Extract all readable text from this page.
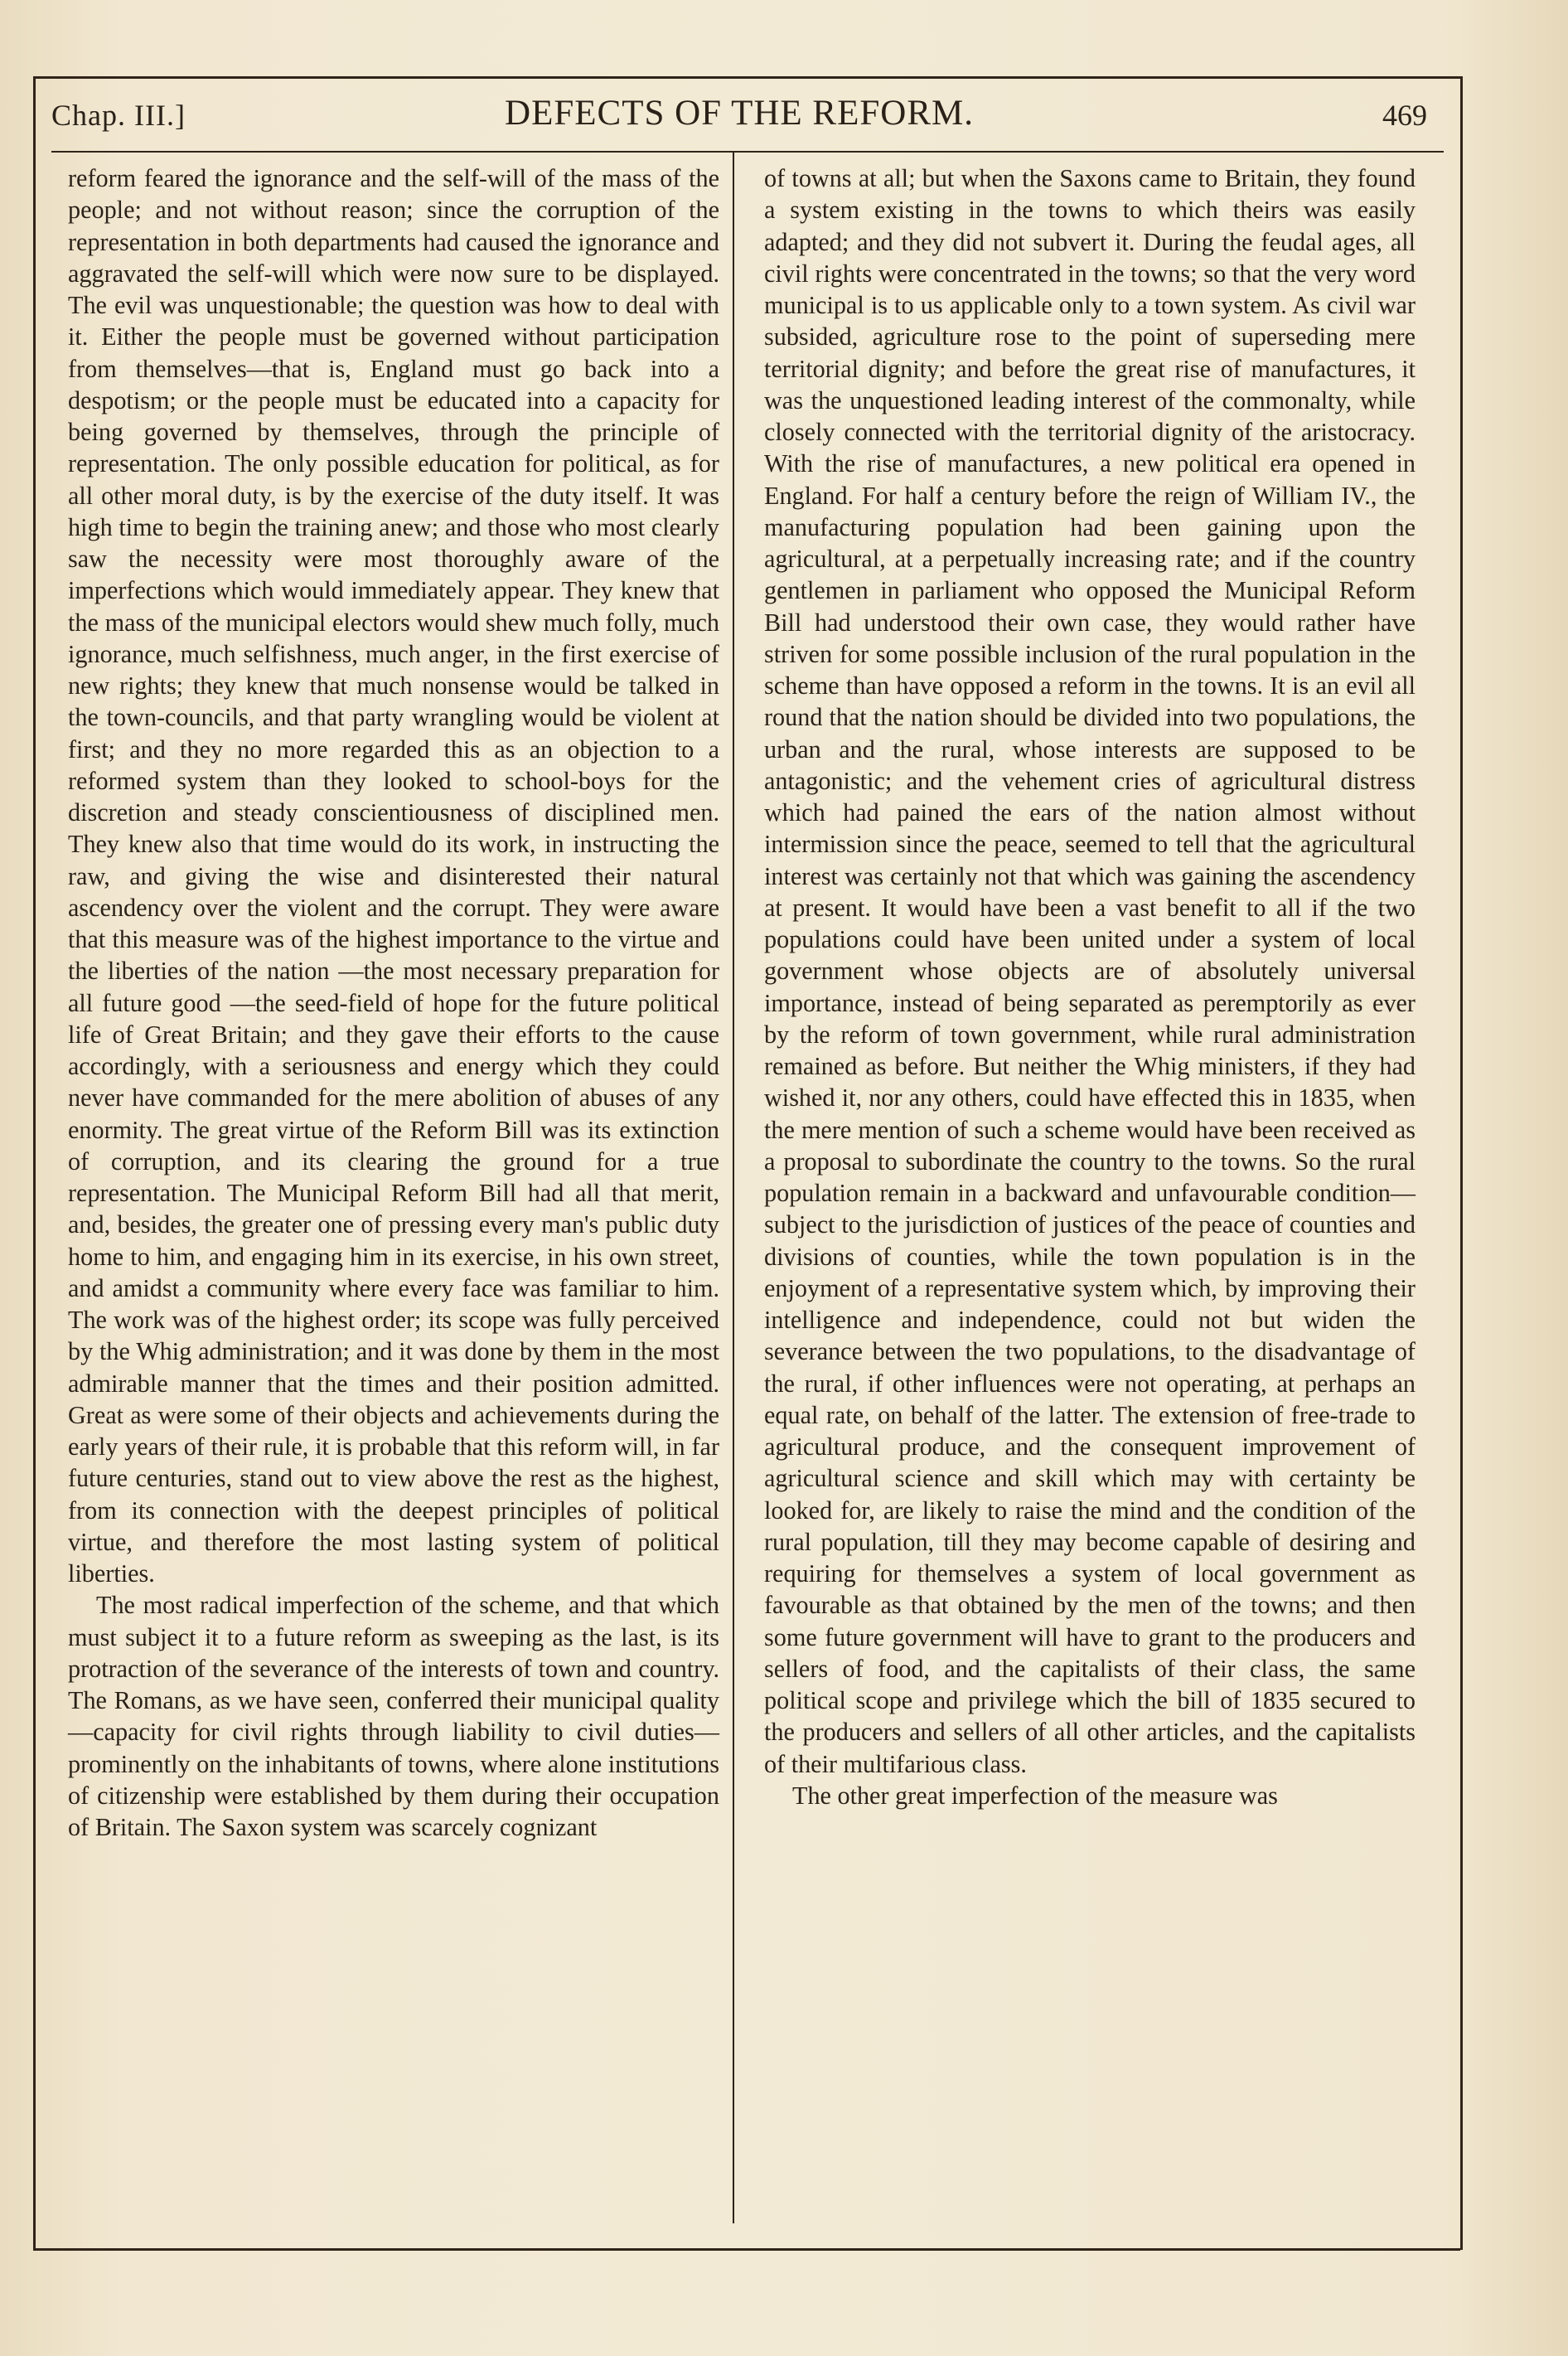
Chap. III.]	DEFECTS OF THE REFORM.	469

reform feared the ignorance and the self-will of the mass of the people; and not without reason; since the corruption of the representation in both departments had caused the ignorance and aggravated the self-will which were now sure to be displayed. The evil was unquestionable; the question was how to deal with it. Either the people must be governed without participation from themselves—that is, England must go back into a despotism; or the people must be educated into a capacity for being governed by themselves, through the principle of representation. The only possible education for political, as for all other moral duty, is by the exercise of the duty itself. It was high time to begin the training anew; and those who most clearly saw the necessity were most thoroughly aware of the imperfections which would immediately appear. They knew that the mass of the municipal electors would shew much folly, much ignorance, much selfishness, much anger, in the first exercise of new rights; they knew that much nonsense would be talked in the town-councils, and that party wrangling would be violent at first; and they no more regarded this as an objection to a reformed system than they looked to school-boys for the discretion and steady conscientiousness of disciplined men. They knew also that time would do its work, in instructing the raw, and giving the wise and disinterested their natural ascendency over the violent and the corrupt. They were aware that this measure was of the highest importance to the virtue and the liberties of the nation —the most necessary preparation for all future good —the seed-field of hope for the future political life of Great Britain; and they gave their efforts to the cause accordingly, with a seriousness and energy which they could never have commanded for the mere abolition of abuses of any enormity. The great virtue of the Reform Bill was its extinction of corruption, and its clearing the ground for a true representation. The Municipal Reform Bill had all that merit, and, besides, the greater one of pressing every man's public duty home to him, and engaging him in its exercise, in his own street, and amidst a community where every face was familiar to him. The work was of the highest order; its scope was fully perceived by the Whig administration; and it was done by them in the most admirable manner that the times and their position admitted. Great as were some of their objects and achievements during the early years of their rule, it is probable that this reform will, in far future centuries, stand out to view above the rest as the highest, from its connection with the deepest principles of political virtue, and therefore the most lasting system of political liberties.

The most radical imperfection of the scheme, and that which must subject it to a future reform as sweeping as the last, is its protraction of the severance of the interests of town and country. The Romans, as we have seen, conferred their municipal quality—capacity for civil rights through liability to civil duties—prominently on the inhabitants of towns, where alone institutions of citizenship were established by them during their occupation of Britain. The Saxon system was scarcely cognizant

of towns at all; but when the Saxons came to Britain, they found a system existing in the towns to which theirs was easily adapted; and they did not subvert it. During the feudal ages, all civil rights were concentrated in the towns; so that the very word municipal is to us applicable only to a town system. As civil war subsided, agriculture rose to the point of superseding mere territorial dignity; and before the great rise of manufactures, it was the unquestioned leading interest of the commonalty, while closely connected with the territorial dignity of the aristocracy. With the rise of manufactures, a new political era opened in England. For half a century before the reign of William IV., the manufacturing population had been gaining upon the agricultural, at a perpetually increasing rate; and if the country gentlemen in parliament who opposed the Municipal Reform Bill had understood their own case, they would rather have striven for some possible inclusion of the rural population in the scheme than have opposed a reform in the towns. It is an evil all round that the nation should be divided into two populations, the urban and the rural, whose interests are supposed to be antagonistic; and the vehement cries of agricultural distress which had pained the ears of the nation almost without intermission since the peace, seemed to tell that the agricultural interest was certainly not that which was gaining the ascendency at present. It would have been a vast benefit to all if the two populations could have been united under a system of local government whose objects are of absolutely universal importance, instead of being separated as peremptorily as ever by the reform of town government, while rural administration remained as before. But neither the Whig ministers, if they had wished it, nor any others, could have effected this in 1835, when the mere mention of such a scheme would have been received as a proposal to subordinate the country to the towns. So the rural population remain in a backward and unfavourable condition—subject to the jurisdiction of justices of the peace of counties and divisions of counties, while the town population is in the enjoyment of a representative system which, by improving their intelligence and independence, could not but widen the severance between the two populations, to the disadvantage of the rural, if other influences were not operating, at perhaps an equal rate, on behalf of the latter. The extension of free-trade to agricultural produce, and the consequent improvement of agricultural science and skill which may with certainty be looked for, are likely to raise the mind and the condition of the rural population, till they may become capable of desiring and requiring for themselves a system of local government as favourable as that obtained by the men of the towns; and then some future government will have to grant to the producers and sellers of food, and the capitalists of their class, the same political scope and privilege which the bill of 1835 secured to the producers and sellers of all other articles, and the capitalists of their multifarious class.

The other great imperfection of the measure was
